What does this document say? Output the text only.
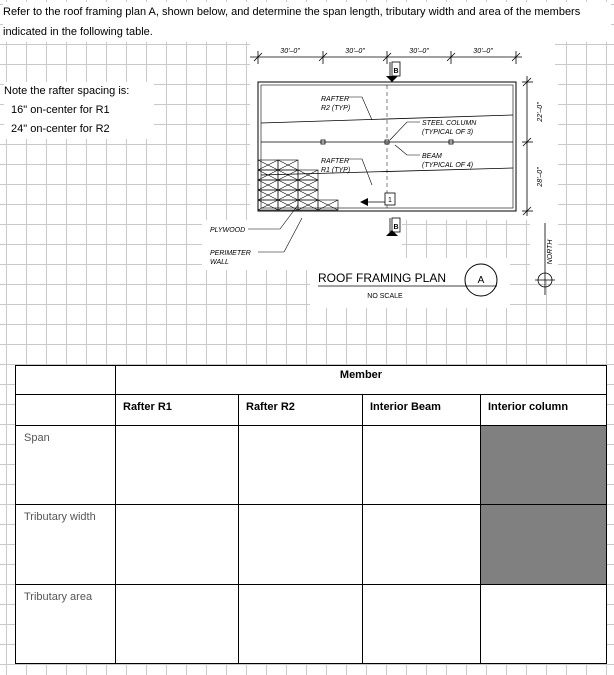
Refer to the roof framing plan A, shown below, and determine the span length, tributary width and area of the members indicated in the following table.
Note the rafter spacing is:
16" on-center for R1
24" on-center for R2
30'–0"	30'–0"	30'–0"	30'–0"
B
B
1
RAFTER
R2 (TYP)
RAFTER
R1 (TYP)
STEEL COLUMN
(TYPICAL OF 3)
BEAM
(TYPICAL OF 4)
PLYWOOD
PERIMETER
WALL
22'–0"
28'–0"
NORTH
ROOF FRAMING PLAN	A
NO SCALE
	Member			
	Rafter R1	Rafter R2	Interior Beam	Interior column
Span				
Tributary width				
Tributary area				
